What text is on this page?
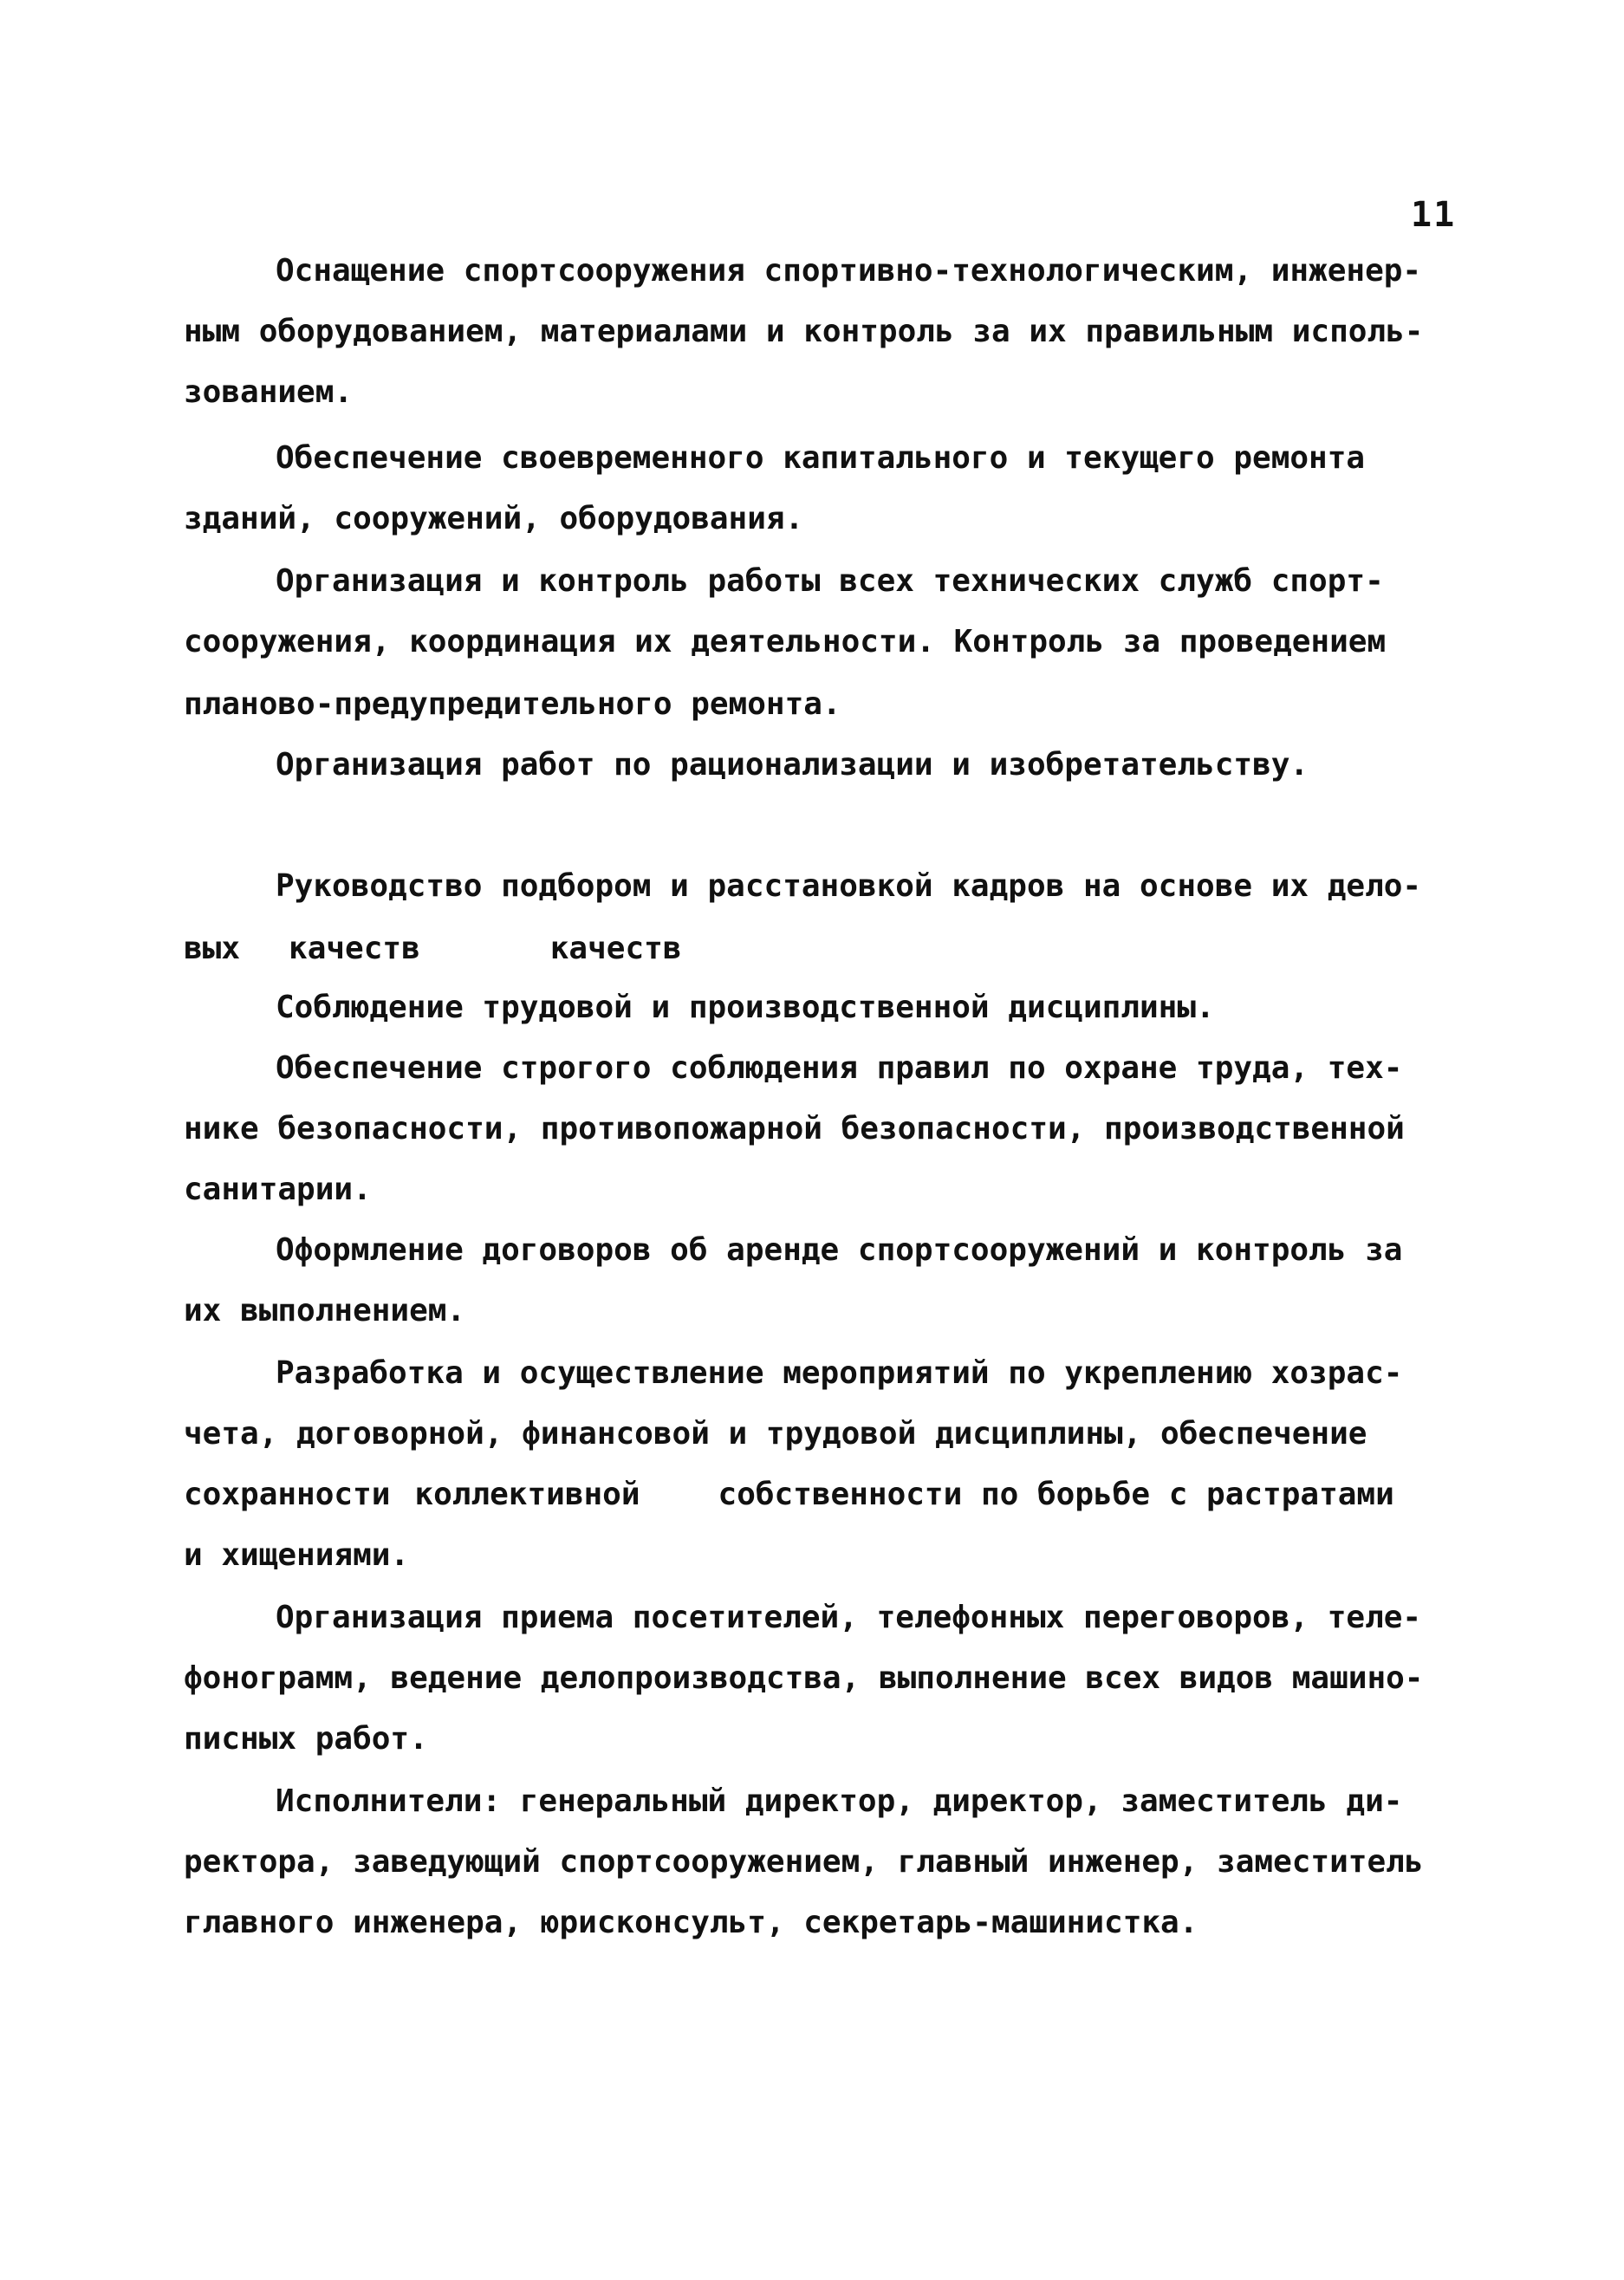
11
Оснащение спортсооружения спортивно-технологическим, инженер-
ным оборудованием, материалами и контроль за их правильным исполь-
зованием.
Обеспечение своевременного капитального и текущего ремонта
зданий, сооружений, оборудования.
Организация и контроль работы всех технических служб спорт-
сооружения, координация их деятельности. Контроль за проведением
планово-предупредительного ремонта.
Организация работ по рационализации и изобретательству.
Руководство подбором и расстановкой кадров на основе их дело-
вых качеств	качеств
Соблюдение трудовой и производственной дисциплины.
Обеспечение строгого соблюдения правил по охране труда, тех-
нике безопасности, противопожарной безопасности, производственной
санитарии.
Оформление договоров об аренде спортсооружений и контроль за
их выполнением.
Разработка и осуществление мероприятий по укреплению хозрас-
чета, договорной, финансовой и трудовой дисциплины, обеспечение
сохранности коллективной	собственности по борьбе с растратами
и хищениями.
Организация приема посетителей, телефонных переговоров, теле-
фонограмм, ведение делопроизводства, выполнение всех видов машино-
писных работ.
Исполнители: генеральный директор, директор, заместитель ди-
ректора, заведующий спортсооружением, главный инженер, заместитель
главного инженера, юрисконсульт, секретарь-машинистка.
